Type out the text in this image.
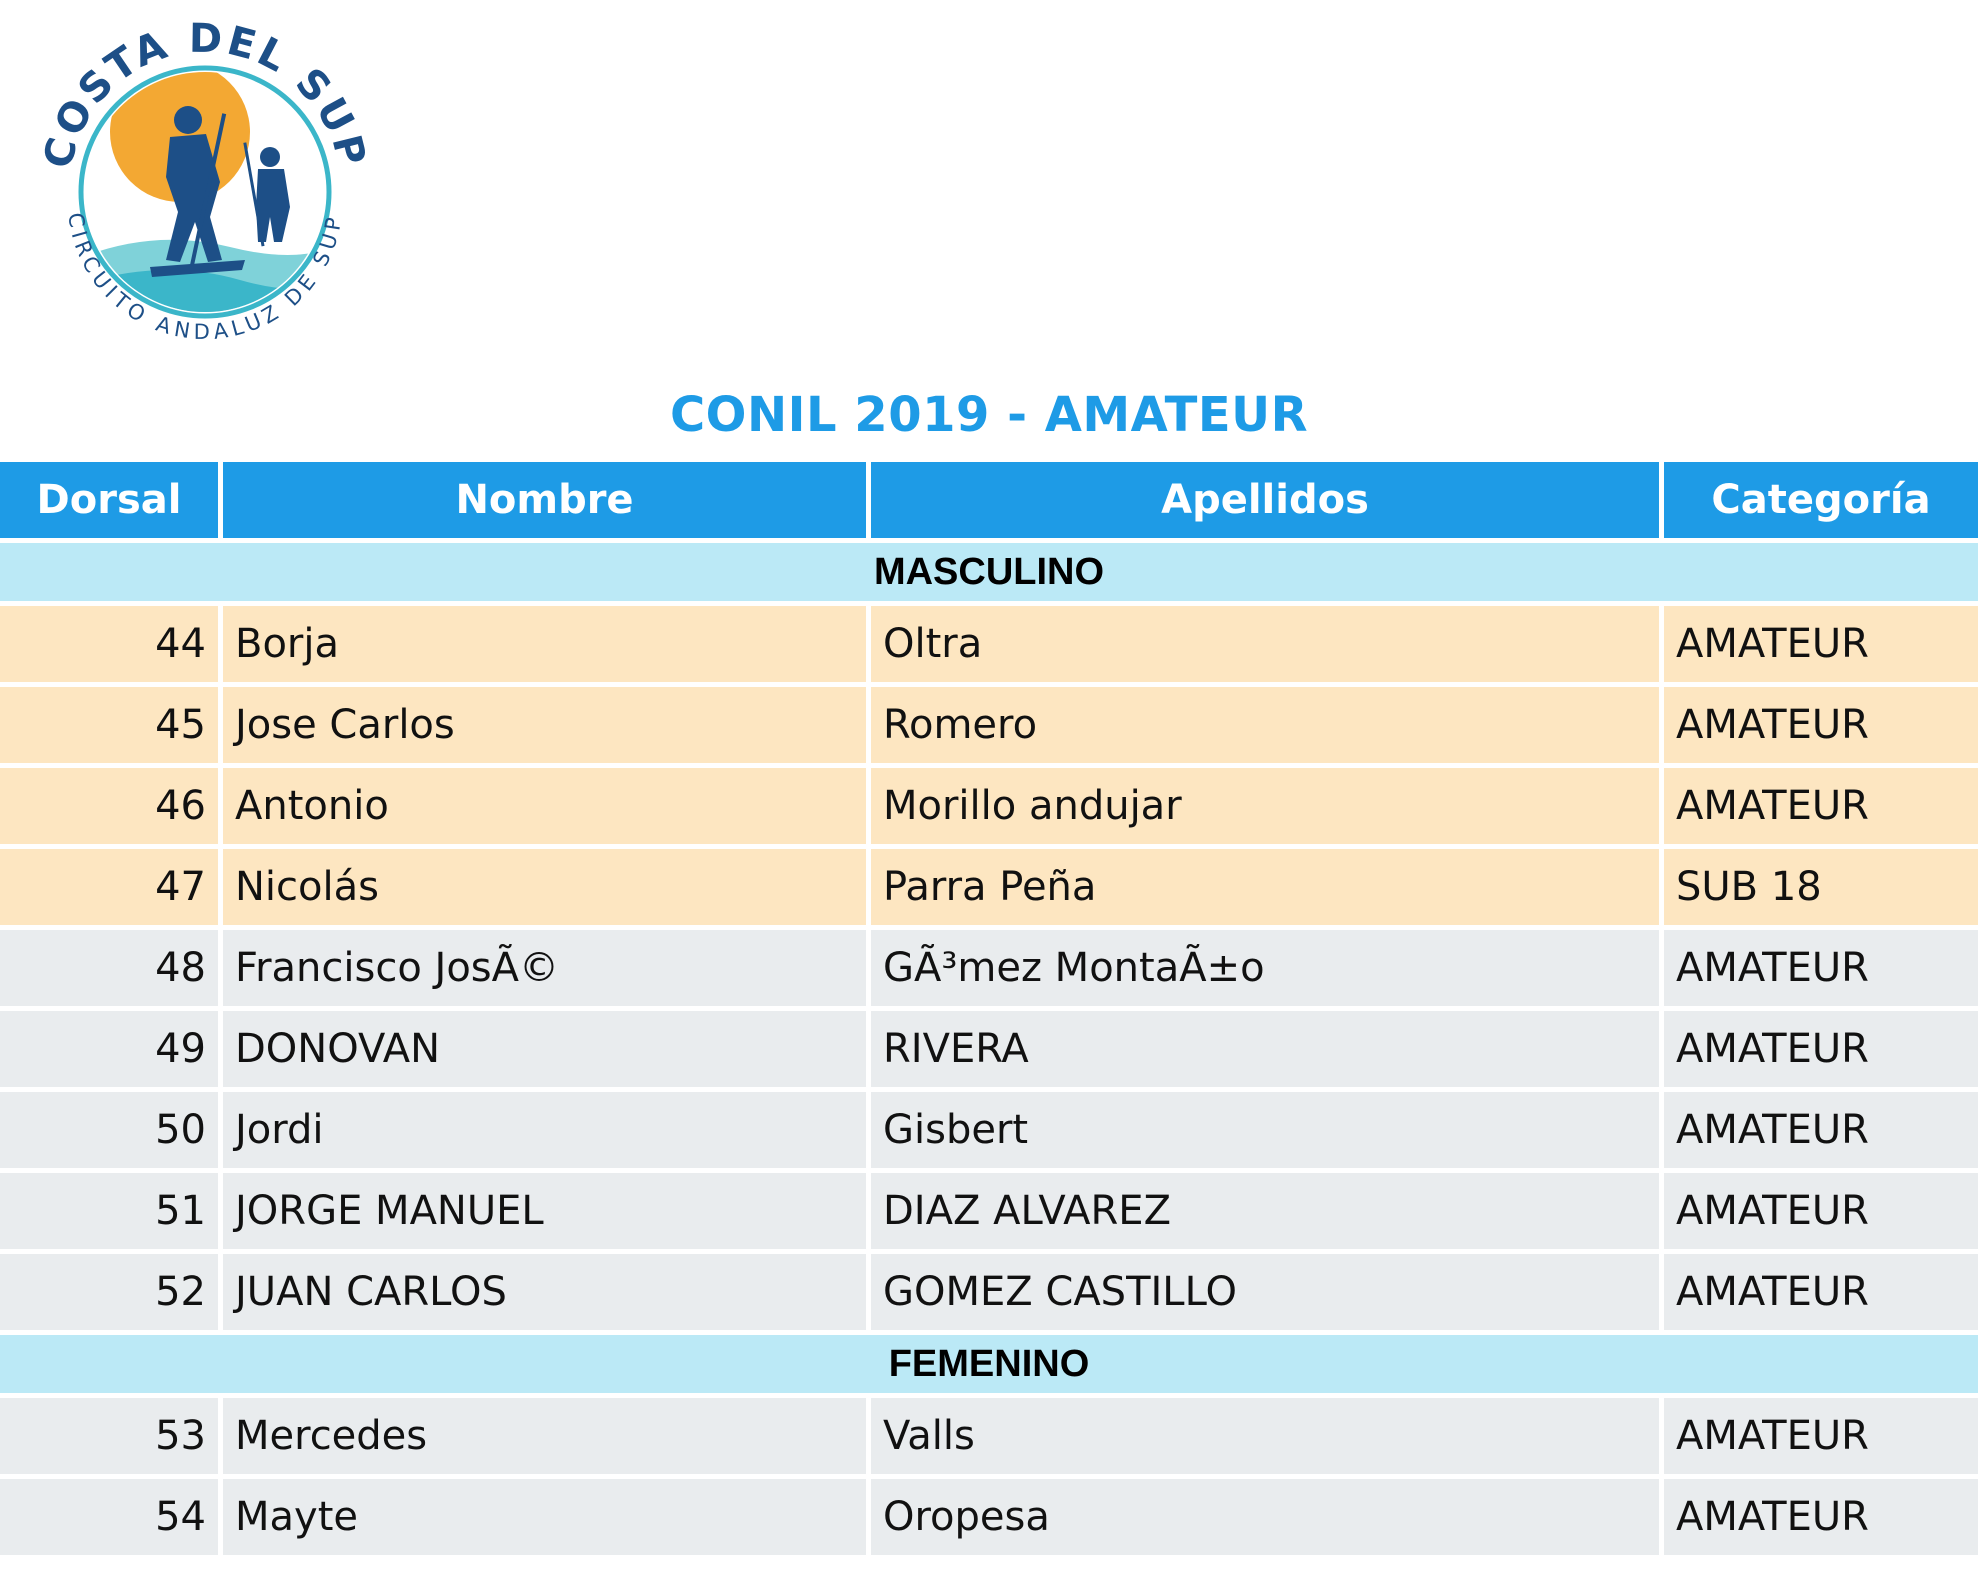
COSTA DEL SUP
CIRCUITO ANDALUZ DE SUP
CONIL 2019 - AMATEUR
Dorsal	Nombre	Apellidos	Categoría
MASCULINO
44 Borja	Oltra	AMATEUR
45 Jose Carlos	Romero	AMATEUR
46 Antonio	Morillo andujar	AMATEUR
47 Nicolás	Parra Peña	SUB 18
48 Francisco JosÃ©	GÃ³mez MontaÃ±o	AMATEUR
49 DONOVAN	RIVERA	AMATEUR
50 Jordi	Gisbert	AMATEUR
51 JORGE MANUEL	DIAZ ALVAREZ	AMATEUR
52 JUAN CARLOS	GOMEZ CASTILLO	AMATEUR
FEMENINO
53 Mercedes	Valls	AMATEUR
54 Mayte	Oropesa	AMATEUR
